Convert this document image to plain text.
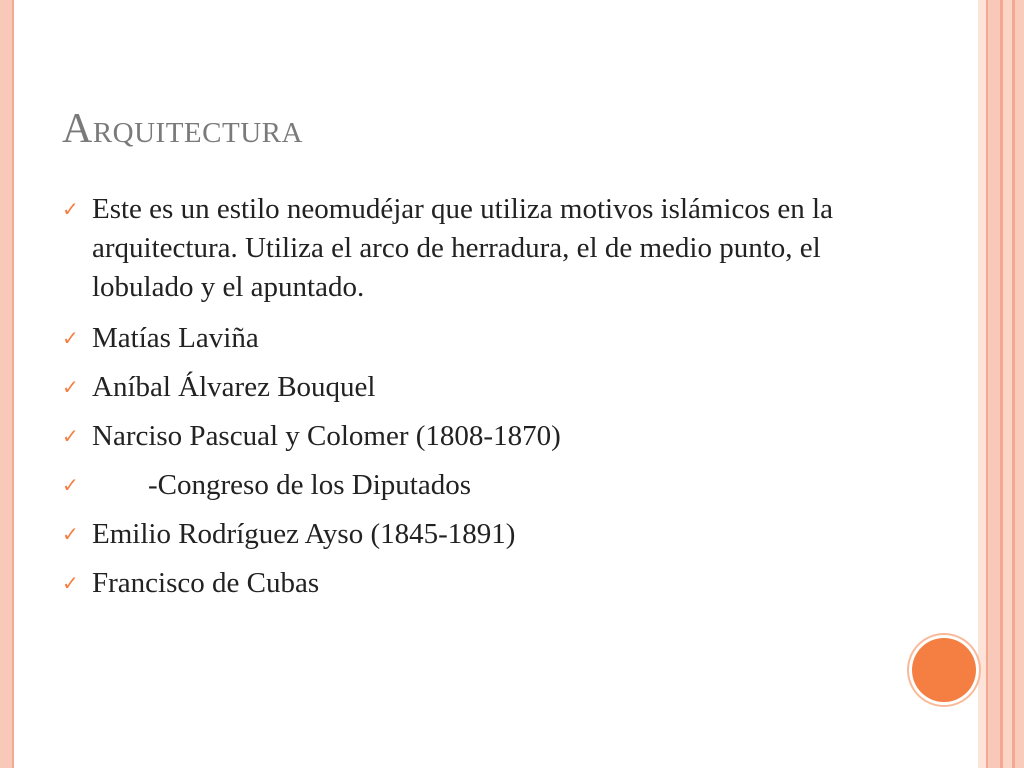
Arquitectura
✓ Este es un estilo neomudéjar que utiliza motivos islámicos en la arquitectura. Utiliza el arco de herradura, el de medio punto, el lobulado y el apuntado.
✓ Matías Laviña
✓ Aníbal Álvarez Bouquel
✓ Narciso Pascual y Colomer (1808-1870)
✓ -Congreso de los Diputados
✓ Emilio Rodríguez Ayso (1845-1891)
✓ Francisco de Cubas
